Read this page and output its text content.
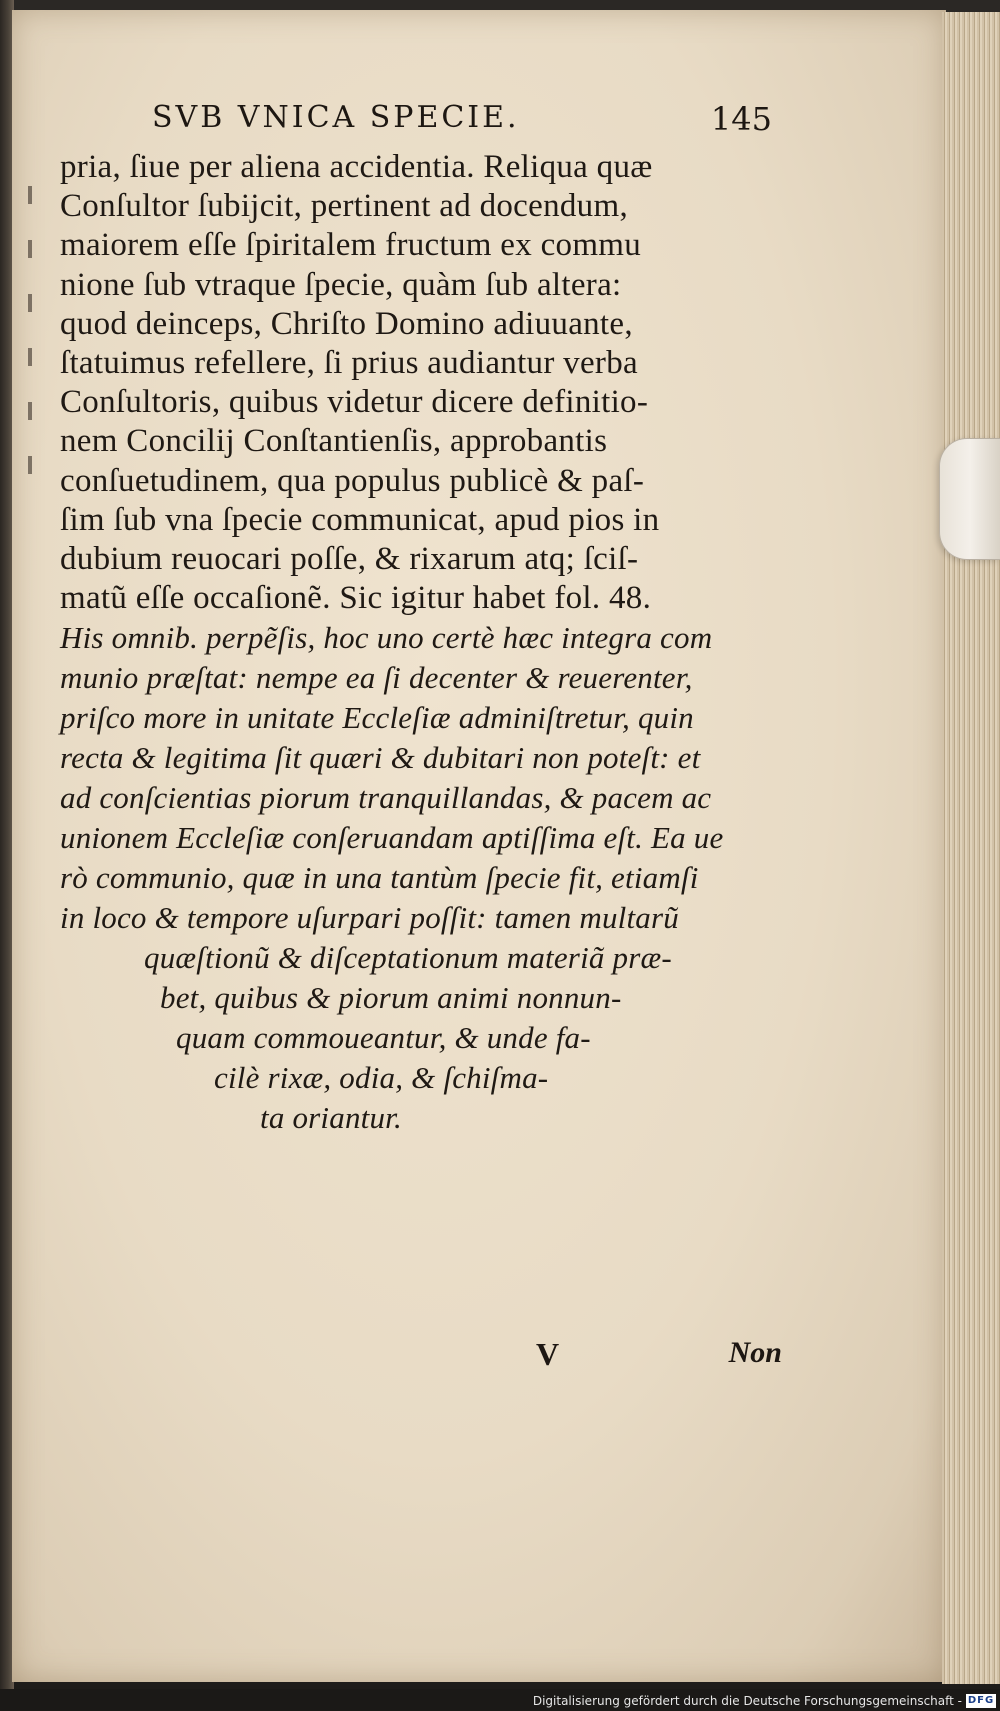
SVB VNICA SPECIE.	145
pria, ſiue per aliena accidentia. Reliqua quæ
Conſultor ſubijcit, pertinent ad docendum,
maiorem eſſe ſpiritalem fructum ex commu
nione ſub vtraque ſpecie, quàm ſub altera:
quod deinceps, Chriſto Domino adiuuante,
ſtatuimus refellere, ſi prius audiantur verba
Conſultoris, quibus videtur dicere definitio-
nem Concilij Conſtantienſis, approbantis
conſuetudinem, qua populus publicè & paſ-
ſim ſub vna ſpecie communicat, apud pios in
dubium reuocari poſſe, & rixarum atq; ſciſ-
matũ eſſe occaſionẽ. Sic igitur habet fol. 48.
His omnib. perpẽſis, hoc uno certè hæc integra com
munio præſtat: nempe ea ſi decenter & reuerenter,
priſco more in unitate Eccleſiæ adminiſtretur, quin
recta & legitima ſit quæri & dubitari non poteſt: et
ad conſcientias piorum tranquillandas, & pacem ac
unionem Eccleſiæ conſeruandam aptiſſima eſt. Ea ue
rò communio, quæ in una tantùm ſpecie fit, etiamſi
in loco & tempore uſurpari poſſit: tamen multarũ
quæſtionũ & diſceptationum materiã præ-
bet, quibus & piorum animi nonnun-
quam commoueantur, & unde fa-
cilè rixæ, odia, & ſchiſma-
ta oriantur.
V	Non
Digitalisierung gefördert durch die Deutsche Forschungsgemeinschaft - DFG
